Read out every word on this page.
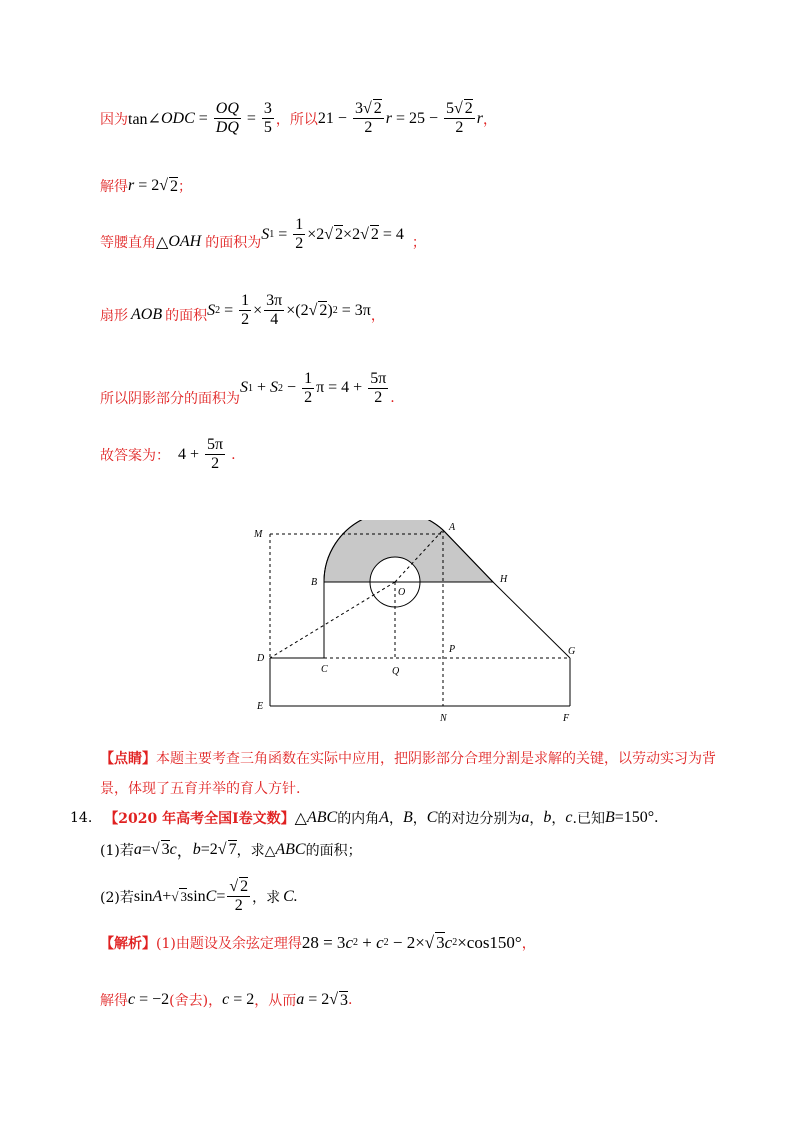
因为 tan∠ ODC = $\frac{OQ}{DQ} = \frac{3}{5}$ ，所以 $21 - \frac{3√ 2}{2}$ $r = 25 - \frac{5√ 2}{2}$ r ，
解得 r = 2√ 2 ；
等腰直角 △ OAH 的面积为 S $1 = \frac{1}{2} \times 2√$ 2 ×2√ 2 = 4 ；
扇形 AOB 的面积 S $2 = \frac{1}{2} \times \frac{3\pi}{4} \times(2√$ 2 ) 2 = 3π ，
所以阴影部分的面积为
S 1 + S $2 - \frac{1}{2}$ $\pi = 4 + \frac{5\pi}{2}$ .
故答案为： $4 + \frac{5\pi}{2}$ .
M
A
B
O
H
D
C	Q
P	G
E
N	F
【点睛】 本题主要考查三角函数在实际中应用，把阴影部分合理分割是求解的关键，以劳动实习为背
景，体现了五育并举的育人方针.
14. 【2020 年高考全国Ⅰ卷文数】 △ ABC 的内角 A ， B ， C 的对边分别为 a ， b ， c .已知 B =150°.
(1)若 a =√ 3 c ， b =2√ 7 ，求△ ABC 的面积；
(2)若 sin A + √ 3 $\sin C = \frac{√ 2}{2}$ ，求 C.
【解析】 (1)由题设及余弦定理得 28 = 3 c 2 + c 2 − 2×√ 3 c 2 ×cos150° ，
解得 c = −2 (舍去) ， c = 2 ，从而 a = 2√ 3 .
